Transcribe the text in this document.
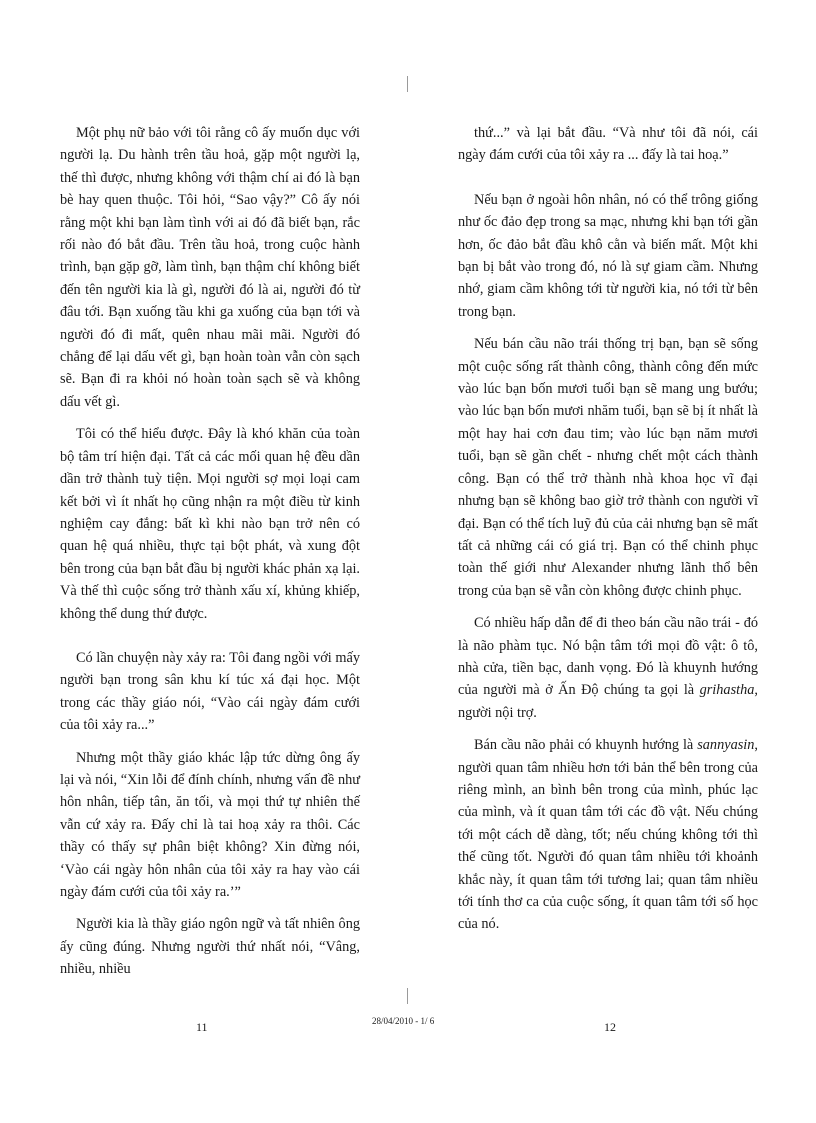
Một phụ nữ bảo với tôi rằng cô ấy muốn dục với người lạ. Du hành trên tầu hoả, gặp một người lạ, thế thì được, nhưng không với thậm chí ai đó là bạn bè hay quen thuộc. Tôi hỏi, “Sao vậy?” Cô ấy nói rằng một khi bạn làm tình với ai đó đã biết bạn, rắc rối nào đó bắt đầu. Trên tầu hoả, trong cuộc hành trình, bạn gặp gỡ, làm tình, bạn thậm chí không biết đến tên người kia là gì, người đó là ai, người đó từ đâu tới. Bạn xuống tầu khi ga xuống của bạn tới và người đó đi mất, quên nhau mãi mãi. Người đó chẳng để lại dấu vết gì, bạn hoàn toàn vẫn còn sạch sẽ. Bạn đi ra khỏi nó hoàn toàn sạch sẽ và không dấu vết gì.

Tôi có thể hiểu được. Đây là khó khăn của toàn bộ tâm trí hiện đại. Tất cả các mối quan hệ đều dần dần trở thành tuỳ tiện. Mọi người sợ mọi loại cam kết bởi vì ít nhất họ cũng nhận ra một điều từ kinh nghiệm cay đắng: bất kì khi nào bạn trở nên có quan hệ quá nhiều, thực tại bột phát, và xung đột bên trong của bạn bắt đầu bị người khác phản xạ lại. Và thế thì cuộc sống trở thành xấu xí, khủng khiếp, không thể dung thứ được.

Có lần chuyện này xảy ra: Tôi đang ngồi với mấy người bạn trong sân khu kí túc xá đại học. Một trong các thầy giáo nói, “Vào cái ngày đám cưới của tôi xảy ra...”

Nhưng một thầy giáo khác lập tức dừng ông ấy lại và nói, “Xin lỗi để đính chính, nhưng vấn đề như hôn nhân, tiếp tân, ăn tối, và mọi thứ tự nhiên thế vẫn cứ xảy ra. Đấy chỉ là tai hoạ xảy ra thôi. Các thầy có thấy sự phân biệt không? Xin đừng nói, ‘Vào cái ngày hôn nhân của tôi xảy ra hay vào cái ngày đám cưới của tôi xảy ra.’”

Người kia là thầy giáo ngôn ngữ và tất nhiên ông ấy cũng đúng. Nhưng người thứ nhất nói, “Vâng, nhiều, nhiều

thứ...” và lại bắt đầu. “Và như tôi đã nói, cái ngày đám cưới của tôi xảy ra ... đấy là tai hoạ.”

Nếu bạn ở ngoài hôn nhân, nó có thể trông giống như ốc đảo đẹp trong sa mạc, nhưng khi bạn tới gần hơn, ốc đảo bắt đầu khô cằn và biến mất. Một khi bạn bị bắt vào trong đó, nó là sự giam cầm. Nhưng nhớ, giam cầm không tới từ người kia, nó tới từ bên trong bạn.

Nếu bán cầu não trái thống trị bạn, bạn sẽ sống một cuộc sống rất thành công, thành công đến mức vào lúc bạn bốn mươi tuổi bạn sẽ mang ung bướu; vào lúc bạn bốn mươi nhăm tuổi, bạn sẽ bị ít nhất là một hay hai cơn đau tim; vào lúc bạn năm mươi tuổi, bạn sẽ gần chết - nhưng chết một cách thành công. Bạn có thể trở thành nhà khoa học vĩ đại nhưng bạn sẽ không bao giờ trở thành con người vĩ đại. Bạn có thể tích luỹ đủ của cải nhưng bạn sẽ mất tất cả những cái có giá trị. Bạn có thể chinh phục toàn thế giới như Alexander nhưng lãnh thổ bên trong của bạn sẽ vẫn còn không được chinh phục.

Có nhiều hấp dẫn để đi theo bán cầu não trái - đó là não phàm tục. Nó bận tâm tới mọi đồ vật: ô tô, nhà cửa, tiền bạc, danh vọng. Đó là khuynh hướng của người mà ở Ấn Độ chúng ta gọi là grihastha, người nội trợ.

Bán cầu não phải có khuynh hướng là sannyasin, người quan tâm nhiều hơn tới bản thể bên trong của riêng mình, an bình bên trong của mình, phúc lạc của mình, và ít quan tâm tới các đồ vật. Nếu chúng tới một cách dễ dàng, tốt; nếu chúng không tới thì thế cũng tốt. Người đó quan tâm nhiều tới khoảnh khắc này, ít quan tâm tới tương lai; quan tâm nhiều tới tính thơ ca của cuộc sống, ít quan tâm tới số học của nó.

11	28/04/2010 - 1/ 6	12
